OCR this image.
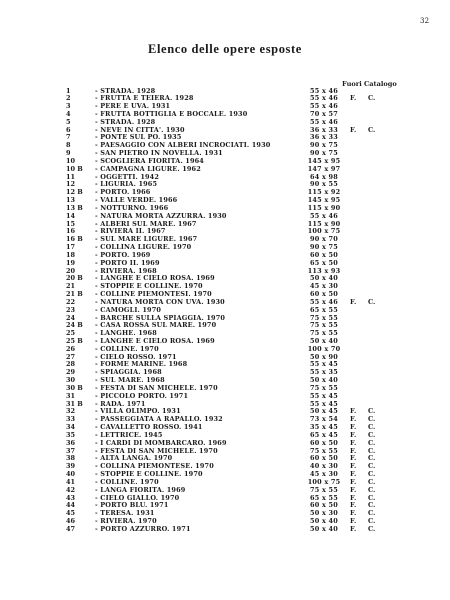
32
Elenco delle opere esposte
Fuori Catalogo
1	- STRADA. 1928	55 x 46
2	- FRUTTA E TEIERA. 1928	55 x 46	F. C.
3	- PERE E UVA. 1931	55 x 46
4	- FRUTTA BOTTIGLIA E BOCCALE. 1930	70 x 57
5	- STRADA. 1928	55 x 46
6	- NEVE IN CITTA'. 1930	36 x 33	F. C.
7	- PONTE SUL PO. 1935	36 x 33
8	- PAESAGGIO CON ALBERI INCROCIATI. 1930	90 x 75
9	- SAN PIETRO IN NOVELLA. 1931	90 x 75
10	- SCOGLIERA FIORITA. 1964	145 x 95
10 B - CAMPAGNA LIGURE. 1962	147 x 97
11	- OGGETTI. 1942	64 x 98
12	- LIGURIA. 1965	90 x 55
12 B - PORTO. 1966	115 x 92
13	- VALLE VERDE. 1966	145 x 95
13 B - NOTTURNO. 1966	115 x 90
14	- NATURA MORTA AZZURRA. 1930	55 x 46
15	- ALBERI SUL MARE. 1967	115 x 90
16	- RIVIERA II. 1967	100 x 75
16 B - SUL MARE LIGURE. 1967	90 x 70
17	- COLLINA LIGURE. 1970	90 x 75
18	- PORTO. 1969	60 x 50
19	- PORTO II. 1969	65 x 50
20	- RIVIERA. 1968	113 x 93
20 B - LANGHE E CIELO ROSA. 1969	50 x 40
21	- STOPPIE E COLLINE. 1970	45 x 30
21 B - COLLINE PIEMONTESI. 1970	60 x 50
22	- NATURA MORTA CON UVA. 1930	55 x 46	F. C.
23	- CAMOGLI. 1970	65 x 55
24	- BARCHE SULLA SPIAGGIA. 1970	75 x 55
24 B - CASA ROSSA SUL MARE. 1970	75 x 55
25	- LANGHE. 1968	75 x 55
25 B - LANGHE E CIELO ROSA. 1969	50 x 40
26	- COLLINE. 1970	100 x 70
27	- CIELO ROSSO. 1971	50 x 90
28	- FORME MARINE. 1968	55 x 45
29	- SPIAGGIA. 1968	55 x 35
30	- SUL MARE. 1968	50 x 40
30 B - FESTA DI SAN MICHELE. 1970	75 x 55
31	- PICCOLO PORTO. 1971	55 x 45
31 B - RADA. 1971	55 x 45
32	- VILLA OLIMPO. 1931	50 x 45	F. C.
33	- PASSEGGIATA A RAPALLO. 1932	73 x 54	F. C.
34	- CAVALLETTO ROSSO. 1941	35 x 45	F. C.
35	- LETTRICE. 1945	65 x 45	F. C.
36	- I CARDI DI MOMBARCARO. 1969	60 x 50	F. C.
37	- FESTA DI SAN MICHELE. 1970	75 x 55	F. C.
38	- ALTA LANGA. 1970	60 x 50	F. C.
39	- COLLINA PIEMONTESE. 1970	40 x 30	F. C.
40	- STOPPIE E COLLINE. 1970	45 x 30	F. C.
41	- COLLINE. 1970	100 x 75	F. C.
42	- LANGA FIORITA. 1969	75 x 55	F. C.
43	- CIELO GIALLO. 1970	65 x 55	F. C.
44	- PORTO BLU. 1971	60 x 50	F. C.
45	- TERESA. 1931	50 x 30	F. C.
46	- RIVIERA. 1970	50 x 40	F. C.
47	- PORTO AZZURRO. 1971	50 x 40	F. C.
